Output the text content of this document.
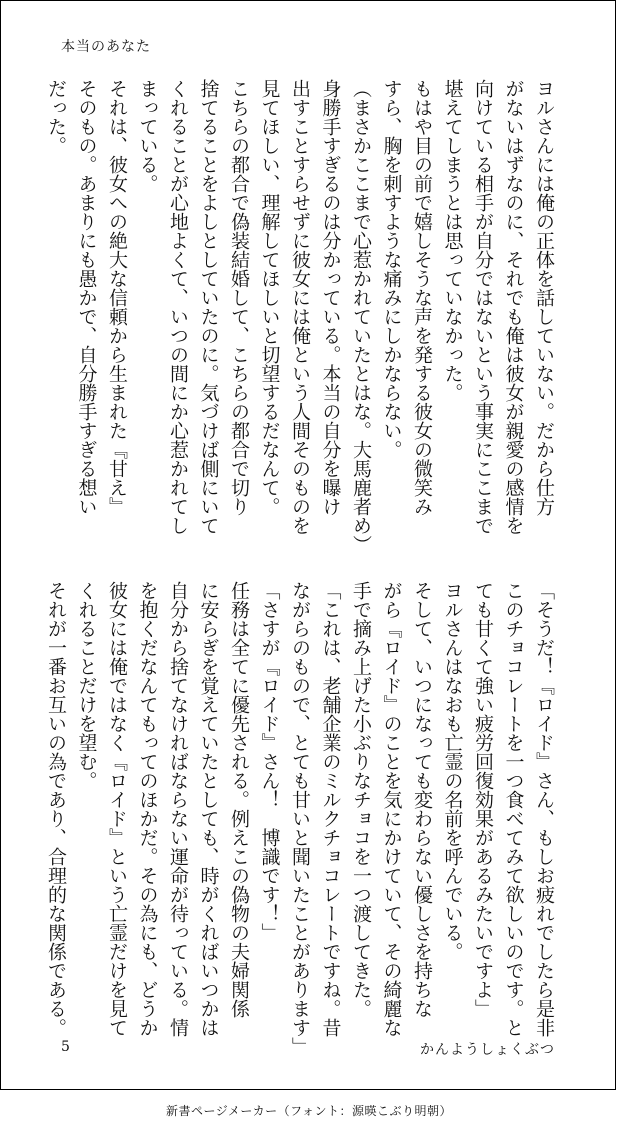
本当のあなた

ヨルさんには俺の正体を話していない。だから仕方

がないはずなのに、それでも俺は彼女が親愛の感情を

向けている相手が自分ではないという事実にここまで

堪えてしまうとは思っていなかった。

もはや目の前で嬉しそうな声を発する彼女の微笑み

すら、胸を刺すような痛みにしかならない。

（まさかここまで心惹かれていたとはな。大馬鹿者め）

身勝手すぎるのは分かっている。本当の自分を曝け

出すことすらせずに彼女には俺という人間そのものを

見てほしい、理解してほしいと切望するだなんて。

こちらの都合で偽装結婚して、こちらの都合で切り

捨てることをよしとしていたのに。気づけば側にいて

くれることが心地よくて、いつの間にか心惹かれてし

まっている。

それは、彼女への絶大な信頼から生まれた『甘え』

そのもの。あまりにも愚かで、自分勝手すぎる想い

だった。

「そうだ！『ロイド』さん、もしお疲れでしたら是非

このチョコレートを一つ食べてみて欲しいのです。と

ても甘くて強い疲労回復効果があるみたいですよ」

ヨルさんはなおも亡霊の名前を呼んでいる。

そして、いつになっても変わらない優しさを持ちな

がら『ロイド』のことを気にかけていて、その綺麗な

手で摘み上げた小ぶりなチョコを一つ渡してきた。

「これは、老舗企業のミルクチョコレートですね。昔

ながらのもので、とても甘いと聞いたことがあります」

「さすが『ロイド』さん！　博識です！」

任務は全てに優先される。例えこの偽物の夫婦関係

に安らぎを覚えていたとしても、時がくればいつかは

自分から捨てなければならない運命が待っている。情

を抱くだなんてもってのほかだ。その為にも、どうか

彼女には俺ではなく『ロイド』という亡霊だけを見て

くれることだけを望む。

それが一番お互いの為であり、合理的な関係である。

5	かんようしょくぶつ
新書ページメーカー（フォント：源暎こぶり明朝）
